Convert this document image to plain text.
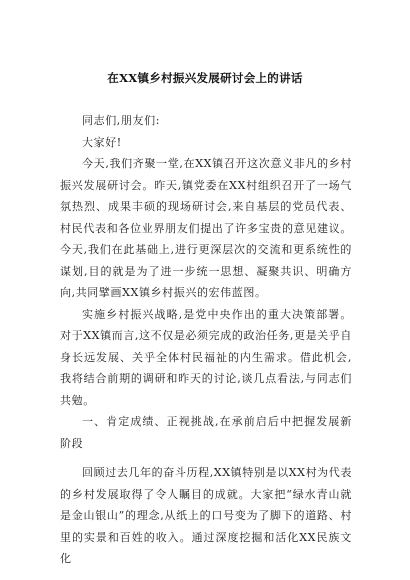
在XX镇乡村振兴发展研讨会上的讲话

同志们,朋友们:

大家好!

今天,我们齐聚一堂,在XX镇召开这次意义非凡的乡村振兴发展研讨会。昨天,镇党委在XX村组织召开了一场气氛热烈、成果丰硕的现场研讨会,来自基层的党员代表、村民代表和各位业界朋友们提出了许多宝贵的意见建议。今天,我们在此基础上,进行更深层次的交流和更系统性的谋划,目的就是为了进一步统一思想、凝聚共识、明确方向,共同擘画XX镇乡村振兴的宏伟蓝图。

实施乡村振兴战略,是党中央作出的重大决策部署。对于XX镇而言,这不仅是必须完成的政治任务,更是关乎自身长远发展、关乎全体村民福祉的内生需求。借此机会,我将结合前期的调研和昨天的讨论,谈几点看法,与同志们共勉。

一、肯定成绩、正视挑战,在承前启后中把握发展新阶段

回顾过去几年的奋斗历程,XX镇特别是以XX村为代表的乡村发展取得了令人瞩目的成就。大家把“绿水青山就是金山银山”的理念,从纸上的口号变为了脚下的道路、村里的实景和百姓的收入。通过深度挖掘和活化XX民族文化
